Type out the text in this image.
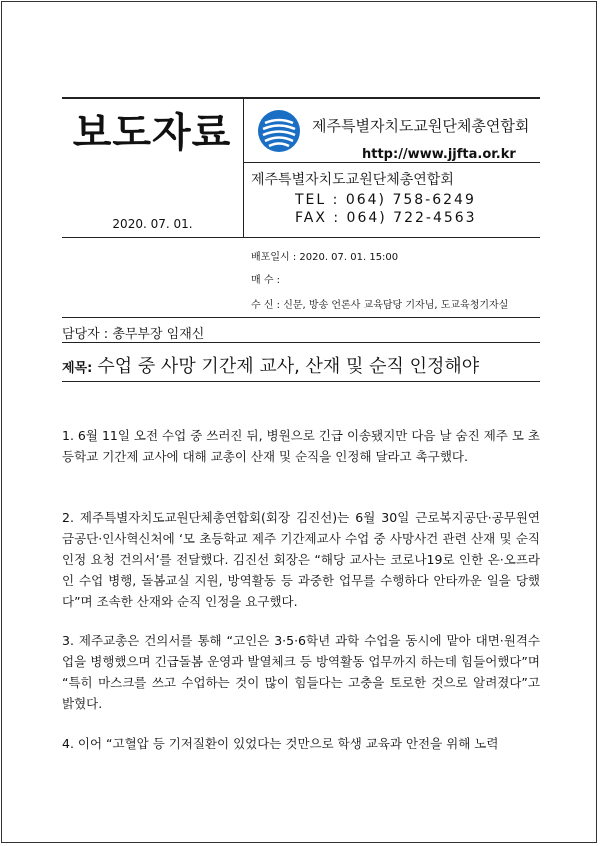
보도자료
2020. 07. 01.
제주특별자치도교원단체총연합회
http://www.jjfta.or.kr
제주특별자치도교원단체총연합회
TEL : 064) 758-6249
FAX : 064) 722-4563
배포일시 : 2020. 07. 01. 15:00
매 수 :
수 신 : 신문, 방송 언론사 교육담당 기자님, 도교육청기자실
담당자 : 총무부장 임재신
제목: 수업 중 사망 기간제 교사, 산재 및 순직 인정해야
1. 6월 11일 오전 수업 중 쓰러진 뒤, 병원으로 긴급 이송됐지만 다음 날 숨진 제주 모 초등학교 기간제 교사에 대해 교총이 산재 및 순직을 인정해 달라고 촉구했다.
2. 제주특별자치도교원단체총연합회(회장 김진선)는 6월 30일 근로복지공단·공무원연금공단·인사혁신처에 ‘모 초등학교 제주 기간제교사 수업 중 사망사건 관련 산재 및 순직 인정 요청 건의서’를 전달했다. 김진선 회장은 “해당 교사는 코로나19로 인한 온·오프라인 수업 병행, 돌봄교실 지원, 방역활동 등 과중한 업무를 수행하다 안타까운 일을 당했다”며 조속한 산재와 순직 인정을 요구했다.
3. 제주교총은 건의서를 통해 “고인은 3·5·6학년 과학 수업을 동시에 맡아 대면·원격수업을 병행했으며 긴급돌봄 운영과 발열체크 등 방역활동 업무까지 하는데 힘들어했다”며 “특히 마스크를 쓰고 수업하는 것이 많이 힘들다는 고충을 토로한 것으로 알려졌다”고 밝혔다.
4. 이어 “고혈압 등 기저질환이 있었다는 것만으로 학생 교육과 안전을 위해 노력
